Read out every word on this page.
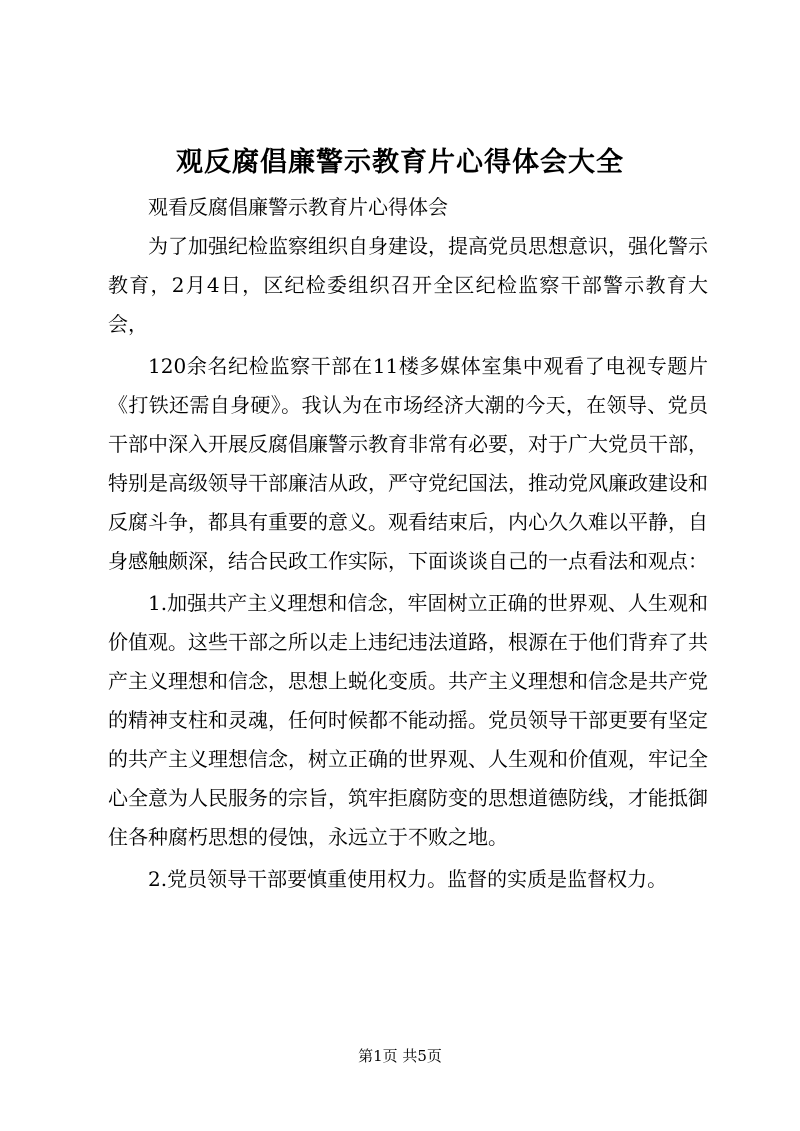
观反腐倡廉警示教育片心得体会大全

观看反腐倡廉警示教育片心得体会

为了加强纪检监察组织自身建设，提高党员思想意识，强化警示教育，2月4日，区纪检委组织召开全区纪检监察干部警示教育大会，

120余名纪检监察干部在11楼多媒体室集中观看了电视专题片《打铁还需自身硬》。我认为在市场经济大潮的今天，在领导、党员干部中深入开展反腐倡廉警示教育非常有必要，对于广大党员干部，特别是高级领导干部廉洁从政，严守党纪国法，推动党风廉政建设和反腐斗争，都具有重要的意义。观看结束后，内心久久难以平静，自身感触颇深，结合民政工作实际，下面谈谈自己的一点看法和观点：

1.加强共产主义理想和信念，牢固树立正确的世界观、人生观和价值观。这些干部之所以走上违纪违法道路，根源在于他们背弃了共产主义理想和信念，思想上蜕化变质。共产主义理想和信念是共产党的精神支柱和灵魂，任何时候都不能动摇。党员领导干部更要有坚定的共产主义理想信念，树立正确的世界观、人生观和价值观，牢记全心全意为人民服务的宗旨，筑牢拒腐防变的思想道德防线，才能抵御住各种腐朽思想的侵蚀，永远立于不败之地。

2.党员领导干部要慎重使用权力。监督的实质是监督权力。

第1页 共5页
